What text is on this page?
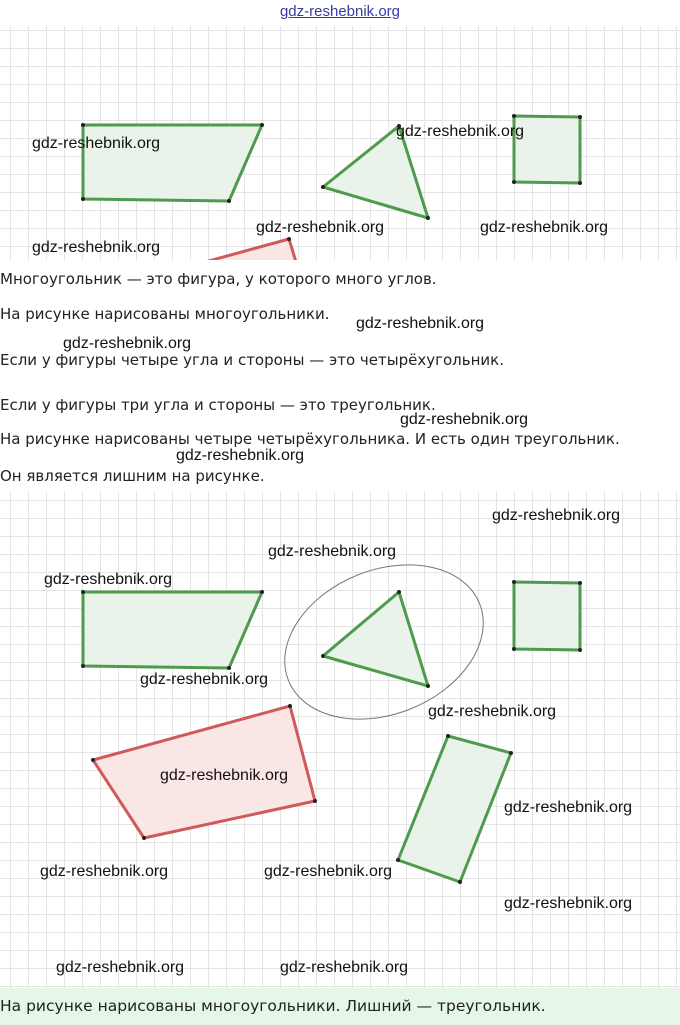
gdz-reshebnik.org
Многоугольник — это фигура, у которого много углов.
На рисунке нарисованы многоугольники.
Если у фигуры четыре угла и стороны — это четырёхугольник.
Если у фигуры три угла и стороны — это треугольник.
На рисунке нарисованы четыре четырёхугольника. И есть один треугольник.
Он является лишним на рисунке.
gdz-reshebnik.org
gdz-reshebnik.org
gdz-reshebnik.org	gdz-reshebnik.org
gdz-reshebnik.org
gdz-reshebnik.org
gdz-reshebnik.org
gdz-reshebnik.org
gdz-reshebnik.org
gdz-reshebnik.org
gdz-reshebnik.org
gdz-reshebnik.org
gdz-reshebnik.org
gdz-reshebnik.org
gdz-reshebnik.org
gdz-reshebnik.org
gdz-reshebnik.org	gdz-reshebnik.org
gdz-reshebnik.org
gdz-reshebnik.org	gdz-reshebnik.org
На рисунке нарисованы многоугольники. Лишний — треугольник.
